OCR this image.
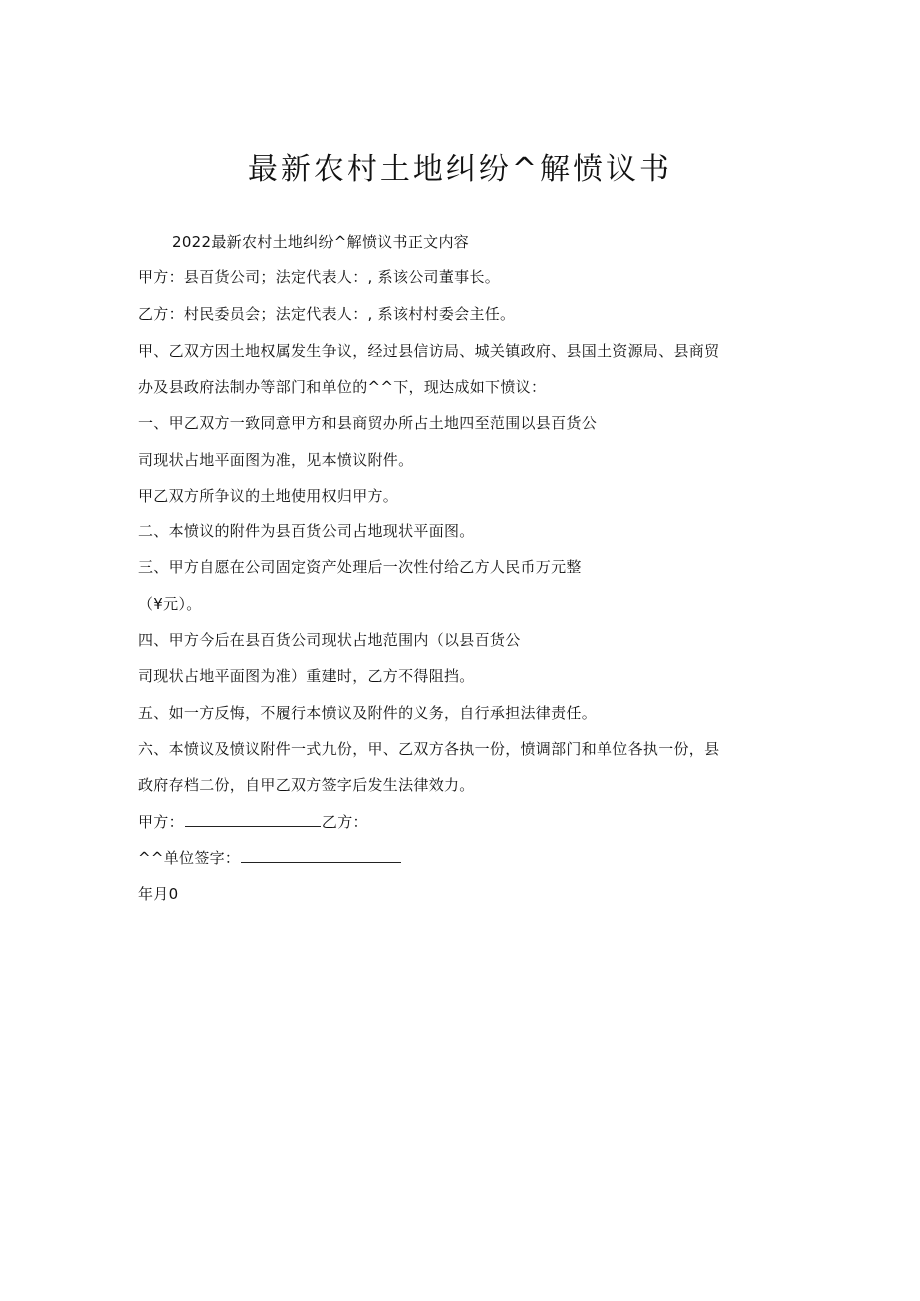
最新农村土地纠纷^解愤议书
2022最新农村土地纠纷^解愤议书正文内容
甲方：县百货公司；法定代表人：, 系该公司董事长。
乙方：村民委员会；法定代表人：, 系该村村委会主任。
甲、乙双方因土地权属发生争议，经过县信访局、城关镇政府、县国土资源局、县商贸
办及县政府法制办等部门和单位的^^下，现达成如下愤议：
一、甲乙双方一致同意甲方和县商贸办所占土地四至范围以县百货公
司现状占地平面图为准，见本愤议附件。
甲乙双方所争议的土地使用权归甲方。
二、本愤议的附件为县百货公司占地现状平面图。
三、甲方自愿在公司固定资产处理后一次性付给乙方人民币万元整
（¥元）。
四、甲方今后在县百货公司现状占地范围内（以县百货公
司现状占地平面图为准）重建时，乙方不得阻挡。
五、如一方反悔，不履行本愤议及附件的义务，自行承担法律责任。
六、本愤议及愤议附件一式九份，甲、乙双方各执一份，愤调部门和单位各执一份，县
政府存档二份，自甲乙双方签字后发生法律效力。
甲方：	乙方：
^^单位签字：
年月0
